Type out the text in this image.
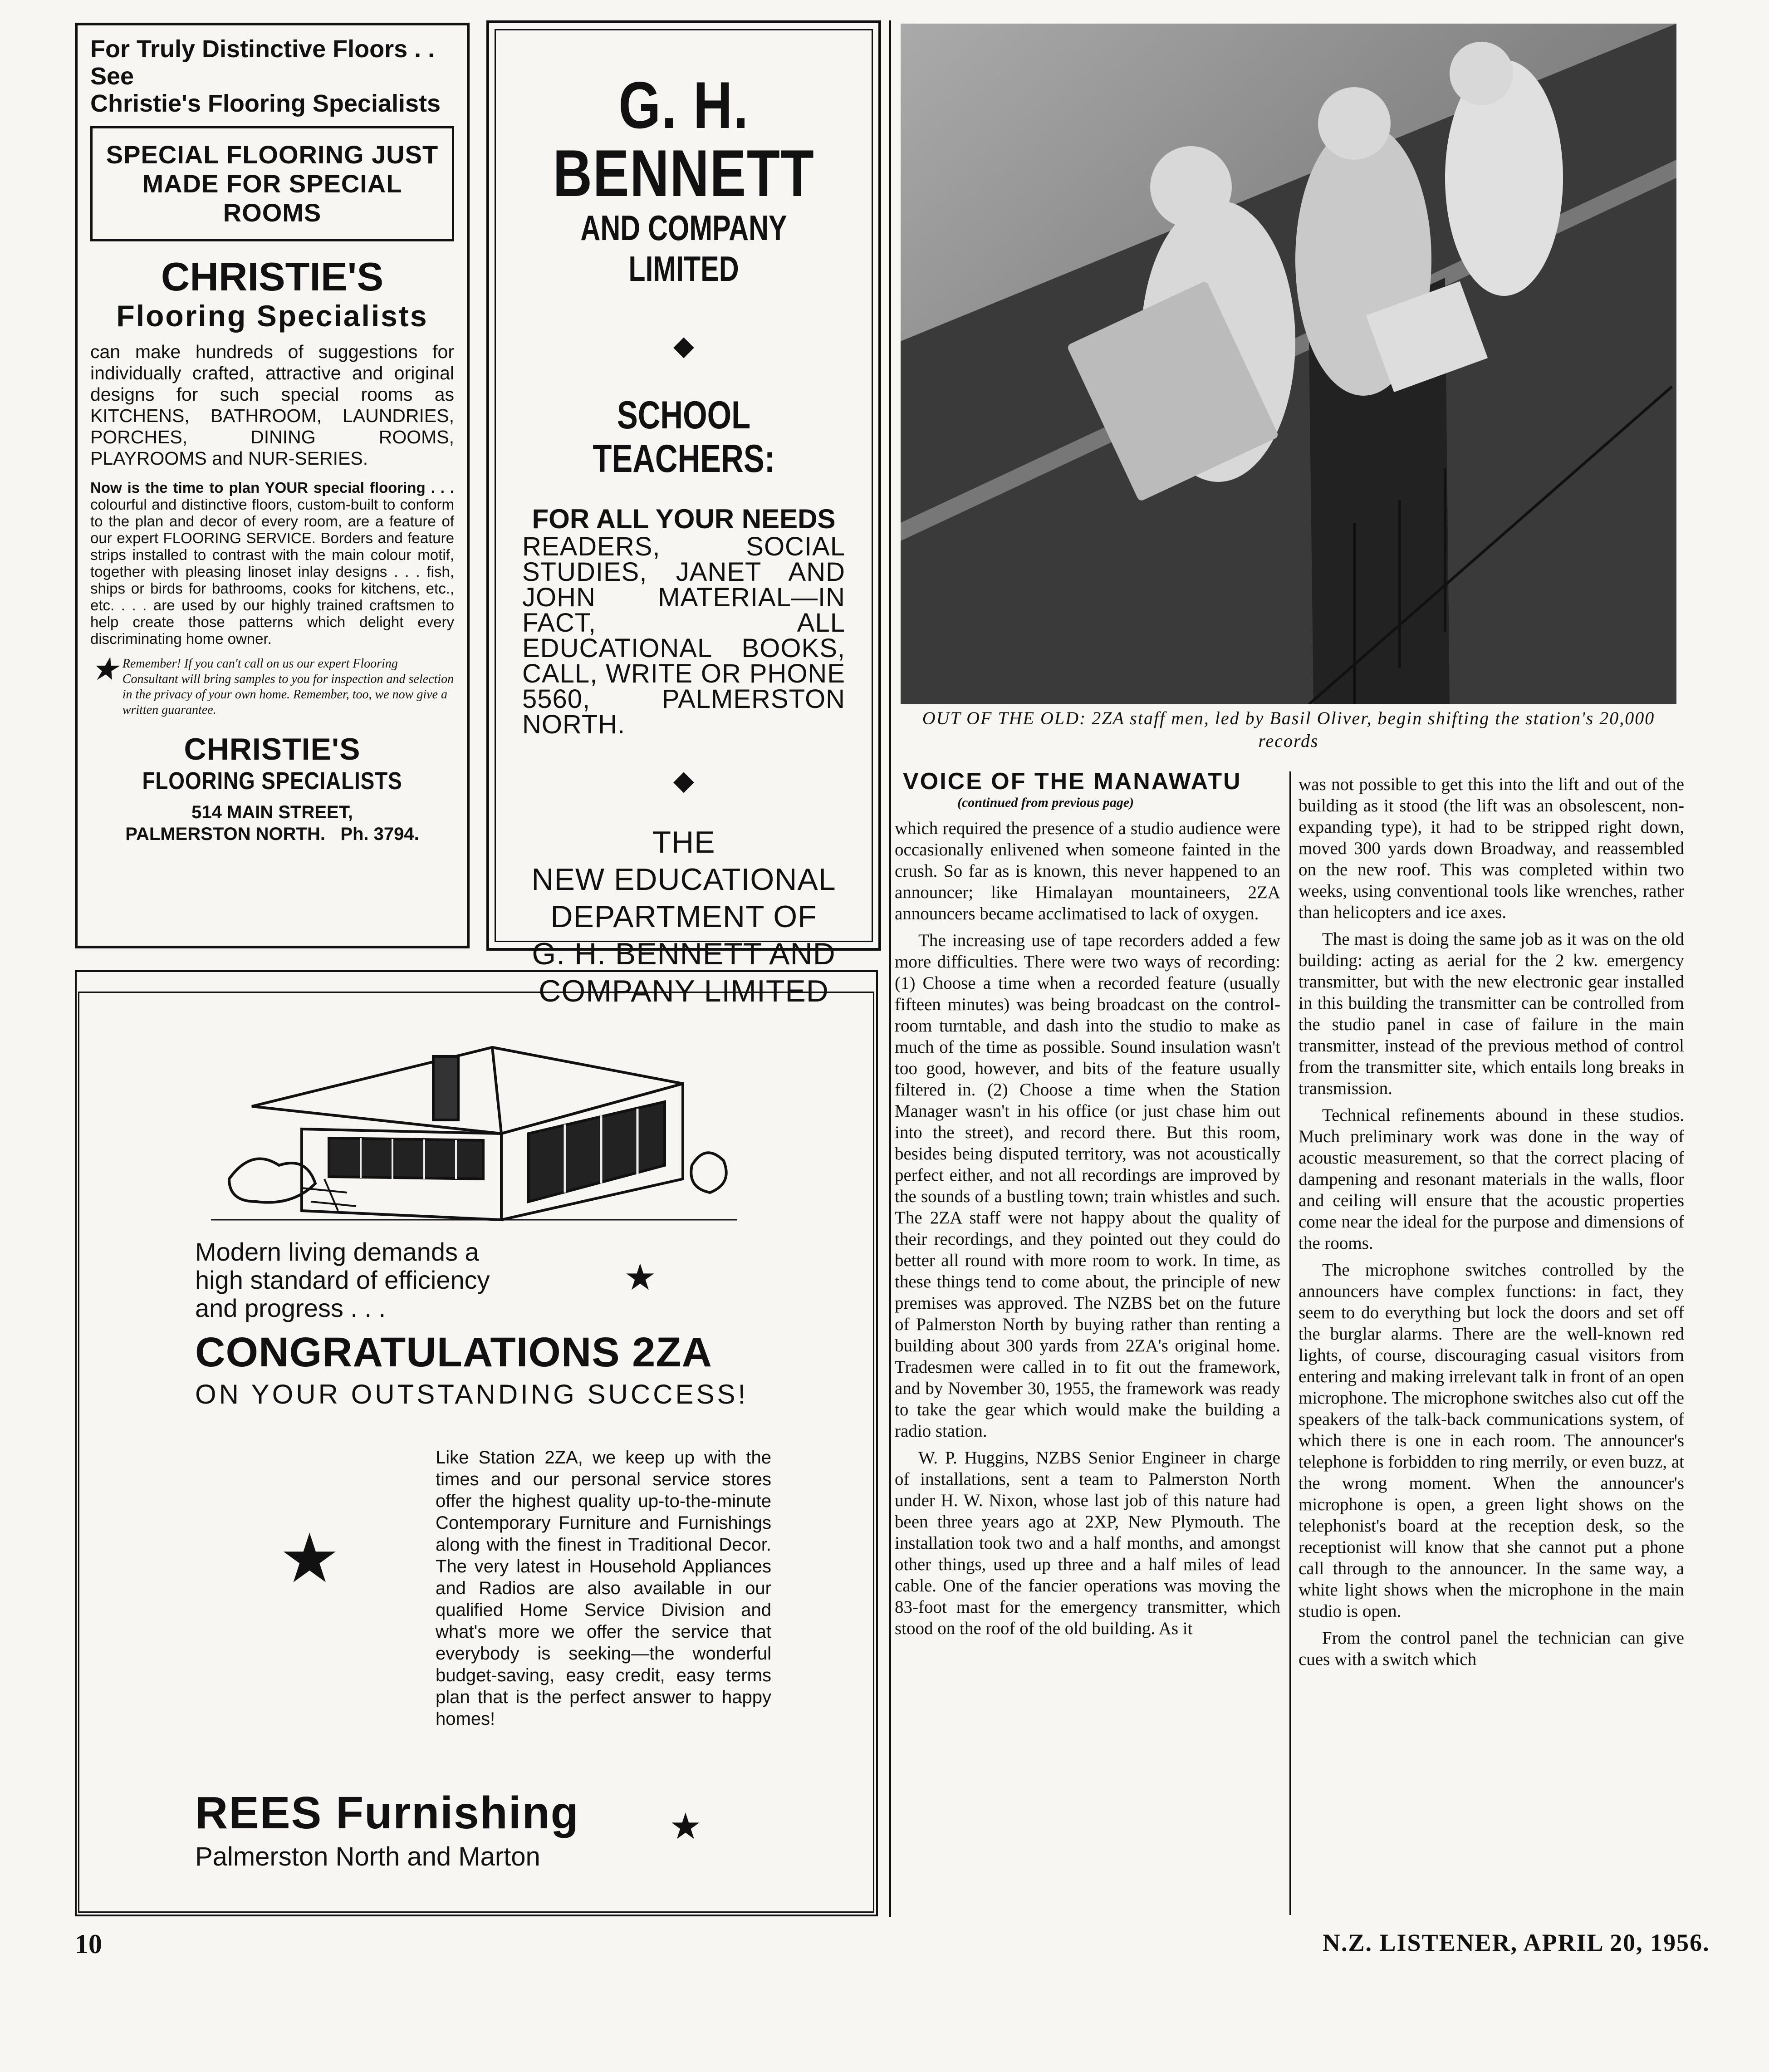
For Truly Distinctive Floors . .
See
Christie's Flooring Specialists
SPECIAL FLOORING JUST MADE FOR SPECIAL ROOMS
CHRISTIE'S
Flooring Specialists
can make hundreds of suggestions for individually crafted, attractive and original designs for such special rooms as KITCHENS, BATHROOM, LAUNDRIES, PORCHES, DINING ROOMS, PLAYROOMS and NUR-SERIES.
Now is the time to plan YOUR special flooring . . . colourful and distinctive floors, custom-built to conform to the plan and decor of every room, are a feature of our expert FLOORING SERVICE. Borders and feature strips installed to contrast with the main colour motif, together with pleasing linoset inlay designs . . . fish, ships or birds for bathrooms, cooks for kitchens, etc., etc. . . . are used by our highly trained craftsmen to help create those patterns which delight every discriminating home owner.
★ Remember! If you can't call on us our expert Flooring Consultant will bring samples to you for inspection and selection in the privacy of your own home. Remember, too, we now give a written guarantee.
CHRISTIE'S
FLOORING SPECIALISTS
514 MAIN STREET,
PALMERSTON NORTH.   Ph. 3794.
G. H. BENNETT
AND COMPANY LIMITED
◆
SCHOOL TEACHERS:
FOR ALL YOUR NEEDS
READERS, SOCIAL STUDIES, JANET AND JOHN MATERIAL—IN FACT, ALL EDUCATIONAL BOOKS, CALL, WRITE OR PHONE 5560, PALMERSTON NORTH.
◆
THE
NEW EDUCATIONAL
DEPARTMENT OF
G. H. BENNETT AND
COMPANY LIMITED
Modern living demands a
high standard of efficiency
and progress . . .
★
CONGRATULATIONS 2ZA
ON YOUR OUTSTANDING SUCCESS!
★
Like Station 2ZA, we keep up with the times and our personal service stores offer the highest quality up-to-the-minute Contemporary Furniture and Furnishings along with the finest in Traditional Decor. The very latest in Household Appliances and Radios are also available in our qualified Home Service Division and what's more we offer the service that everybody is seeking—the wonderful budget-saving, easy credit, easy terms plan that is the perfect answer to happy homes!
REES Furnishing ★
Palmerston North and Marton
OUT OF THE OLD: 2ZA staff men, led by Basil Oliver, begin shifting the station's 20,000 records
VOICE OF THE MANAWATU
(continued from previous page)

which required the presence of a studio audience were occasionally enlivened when someone fainted in the crush. So far as is known, this never happened to an announcer; like Himalayan mountaineers, 2ZA announcers became acclimatised to lack of oxygen.

The increasing use of tape recorders added a few more difficulties. There were two ways of recording: (1) Choose a time when a recorded feature (usually fifteen minutes) was being broadcast on the control-room turntable, and dash into the studio to make as much of the time as possible. Sound insulation wasn't too good, however, and bits of the feature usually filtered in. (2) Choose a time when the Station Manager wasn't in his office (or just chase him out into the street), and record there. But this room, besides being disputed territory, was not acoustically perfect either, and not all recordings are improved by the sounds of a bustling town; train whistles and such. The 2ZA staff were not happy about the quality of their recordings, and they pointed out they could do better all round with more room to work. In time, as these things tend to come about, the principle of new premises was approved. The NZBS bet on the future of Palmerston North by buying rather than renting a building about 300 yards from 2ZA's original home. Tradesmen were called in to fit out the framework, and by November 30, 1955, the framework was ready to take the gear which would make the building a radio station.

W. P. Huggins, NZBS Senior Engineer in charge of installations, sent a team to Palmerston North under H. W. Nixon, whose last job of this nature had been three years ago at 2XP, New Plymouth. The installation took two and a half months, and amongst other things, used up three and a half miles of lead cable. One of the fancier operations was moving the 83-foot mast for the emergency transmitter, which stood on the roof of the old building. As it

was not possible to get this into the lift and out of the building as it stood (the lift was an obsolescent, non-expanding type), it had to be stripped right down, moved 300 yards down Broadway, and reassembled on the new roof. This was completed within two weeks, using conventional tools like wrenches, rather than helicopters and ice axes.

The mast is doing the same job as it was on the old building: acting as aerial for the 2 kw. emergency transmitter, but with the new electronic gear installed in this building the transmitter can be controlled from the studio panel in case of failure in the main transmitter, instead of the previous method of control from the transmitter site, which entails long breaks in transmission.

Technical refinements abound in these studios. Much preliminary work was done in the way of acoustic measurement, so that the correct placing of dampening and resonant materials in the walls, floor and ceiling will ensure that the acoustic properties come near the ideal for the purpose and dimensions of the rooms.

The microphone switches controlled by the announcers have complex functions: in fact, they seem to do everything but lock the doors and set off the burglar alarms. There are the well-known red lights, of course, discouraging casual visitors from entering and making irrelevant talk in front of an open microphone. The microphone switches also cut off the speakers of the talk-back communications system, of which there is one in each room. The announcer's telephone is forbidden to ring merrily, or even buzz, at the wrong moment. When the announcer's microphone is open, a green light shows on the telephonist's board at the reception desk, so the receptionist will know that she cannot put a phone call through to the announcer. In the same way, a white light shows when the microphone in the main studio is open.

From the control panel the technician can give cues with a switch which

10	N.Z. LISTENER, APRIL 20, 1956.
